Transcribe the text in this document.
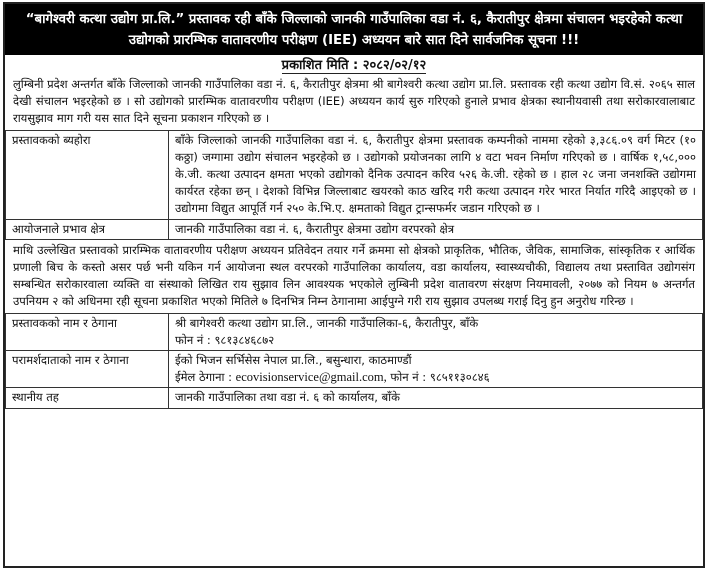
“बागेश्वरी कत्था उद्योग प्रा.लि.” प्रस्तावक रही बाँके जिल्लाको जानकी गाउँपालिका वडा नं. ६, कैरातीपुर क्षेत्रमा संचालन भइरहेको कत्था उद्योगको प्रारम्भिक वातावरणीय परीक्षण (IEE) अध्ययन बारे सात दिने सार्वजनिक सूचना !!!
प्रकाशित मिति : २०८२/०२/१२
लुम्बिनी प्रदेश अन्तर्गत बाँके जिल्लाको जानकी गाउँपालिका वडा नं. ६, कैरातीपुर क्षेत्रमा श्री बागेश्वरी कत्था उद्योग प्रा.लि. प्रस्तावक रही कत्था उद्योग वि.सं. २०६५ साल देखी संचालन भइरहेको छ । सो उद्योगको प्रारम्भिक वातावरणीय परीक्षण (IEE) अध्ययन कार्य सुरु गरिएको हुनाले प्रभाव क्षेत्रका स्थानीयवासी तथा सरोकारवालाबाट रायसुझाव माग गरी यस सात दिने सूचना प्रकाशन गरिएको छ ।
प्रस्तावकको ब्यहोरा	बाँके जिल्लाको जानकी गाउँपालिका वडा नं. ६, कैरातीपुर क्षेत्रमा प्रस्तावक कम्पनीको नाममा रहेको ३,३८६.०९ वर्ग मिटर (१० कठ्ठा) जग्गामा उद्योग संचालन भइरहेको छ । उद्योगको प्रयोजनका लागि ४ वटा भवन निर्माण गरिएको छ । वार्षिक १,५८,००० के.जी. कत्था उत्पादन क्षमता भएको उद्योगको दैनिक उत्पादन करिव ५२६ के.जी. रहेको छ । हाल २८ जना जनशक्ति उद्योगमा कार्यरत रहेका छन् । देशको विभिन्न जिल्लाबाट खयरको काठ खरिद गरी कत्था उत्पादन गरेर भारत निर्यात गरिदै आइएको छ । उद्योगमा विद्युत आपूर्ति गर्न २५० के.भि.ए. क्षमताको विद्युत ट्रान्सफर्मर जडान गरिएको छ ।
आयोजनाले प्रभाव क्षेत्र	जानकी गाउँपालिका वडा नं. ६, कैरातीपुर क्षेत्रमा उद्योग वरपरको क्षेत्र
माथि उल्लेखित प्रस्तावको प्रारम्भिक वातावरणीय परीक्षण अध्ययन प्रतिवेदन तयार गर्ने क्रममा सो क्षेत्रको प्राकृतिक, भौतिक, जैविक, सामाजिक, सांस्कृतिक र आर्थिक प्रणाली बिच के कस्तो असर पर्छ भनी यकिन गर्न आयोजना स्थल वरपरको गाउँपालिका कार्यालय, वडा कार्यालय, स्वास्थ्यचौकी, विद्यालय तथा प्रस्तावित उद्योगसंग सम्बन्धित सरोकारवाला व्यक्ति वा संस्थाको लिखित राय सुझाव लिन आवश्यक भएकोले लुम्बिनी प्रदेश वातावरण संरक्षण नियमावली, २०७७ को नियम ७ अन्तर्गत उपनियम २ को अधिनमा रही सूचना प्रकाशित भएको मितिले ७ दिनभित्र निम्न ठेगानामा आईपुग्ने गरी राय सुझाव उपलब्ध गराई दिनु हुन अनुरोध गरिन्छ ।
प्रस्तावकको नाम र ठेगाना	श्री बागेश्वरी कत्था उद्योग प्रा.लि., जानकी गाउँपालिका-६, कैरातीपुर, बाँके
फोन नं : ९८१३८४६८७२

परामर्शदाताको नाम र ठेगाना	ईको भिजन सर्भिसेस नेपाल प्रा.लि., बसुन्धारा, काठमाण्डौं
ईमेल ठेगाना : ecovisionservice@gmail.com, फोन नं : ९८५११३०८४६

स्थानीय तह	जानकी गाउँपालिका तथा वडा नं. ६ को कार्यालय, बाँके
